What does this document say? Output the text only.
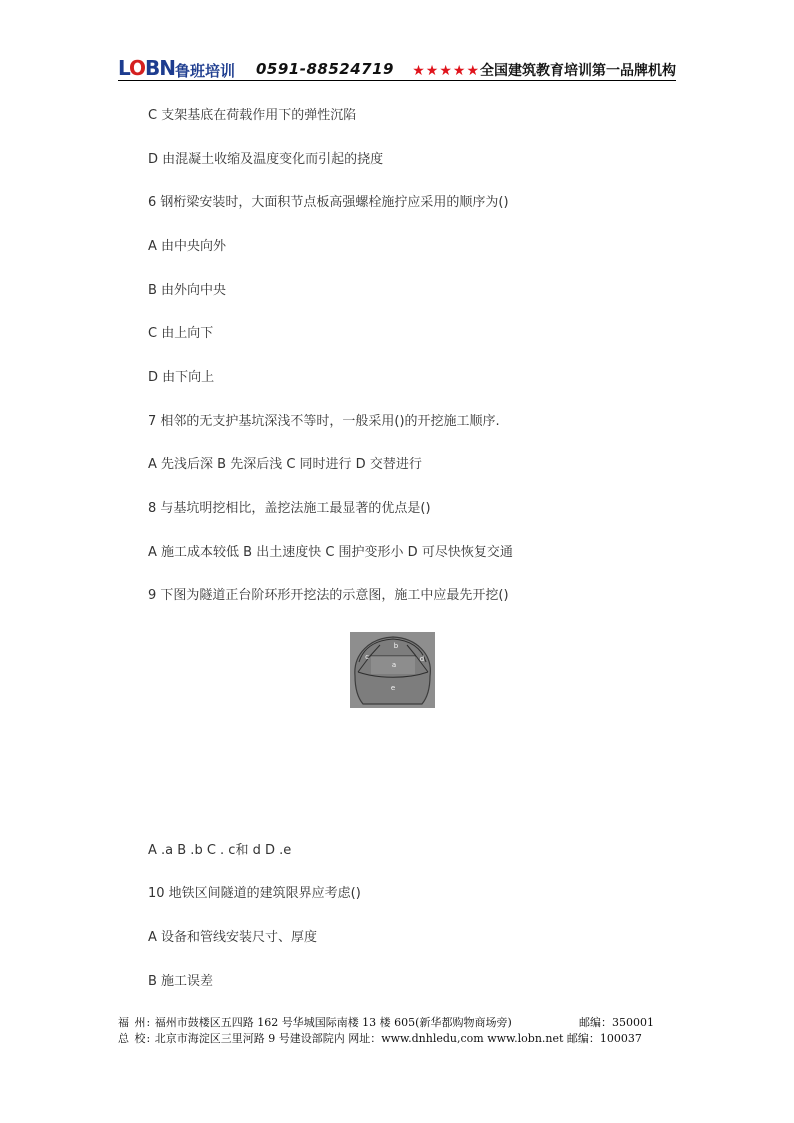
LOBN 鲁班培训 0591-88524719 ★★★★★全国建筑教育培训第一品牌机构
C 支架基底在荷载作用下的弹性沉陷
D 由混凝土收缩及温度变化而引起的挠度
6 钢桁梁安装时，大面积节点板高强螺栓施拧应采用的顺序为()
A 由中央向外
B 由外向中央
C 由上向下
D 由下向上
7 相邻的无支护基坑深浅不等时，一般采用()的开挖施工顺序.
A 先浅后深 B 先深后浅 C 同时进行 D 交替进行
8 与基坑明挖相比，盖挖法施工最显著的优点是()
A 施工成本较低 B 出土速度快 C 围护变形小 D 可尽快恢复交通
9 下图为隧道正台阶环形开挖法的示意图，施工中应最先开挖()
b
c	d
a
e
A .a B .b C . c和 d D .e
10 地铁区间隧道的建筑限界应考虑()
A 设备和管线安装尺寸、厚度
B 施工误差
福 州: 福州市鼓楼区五四路 162 号华城国际南楼 13 楼 605(新华都购物商场旁)	邮编：350001
总 校: 北京市海淀区三里河路 9 号建设部院内 网址：www.dnhledu,com www.lobn.net 邮编：100037
